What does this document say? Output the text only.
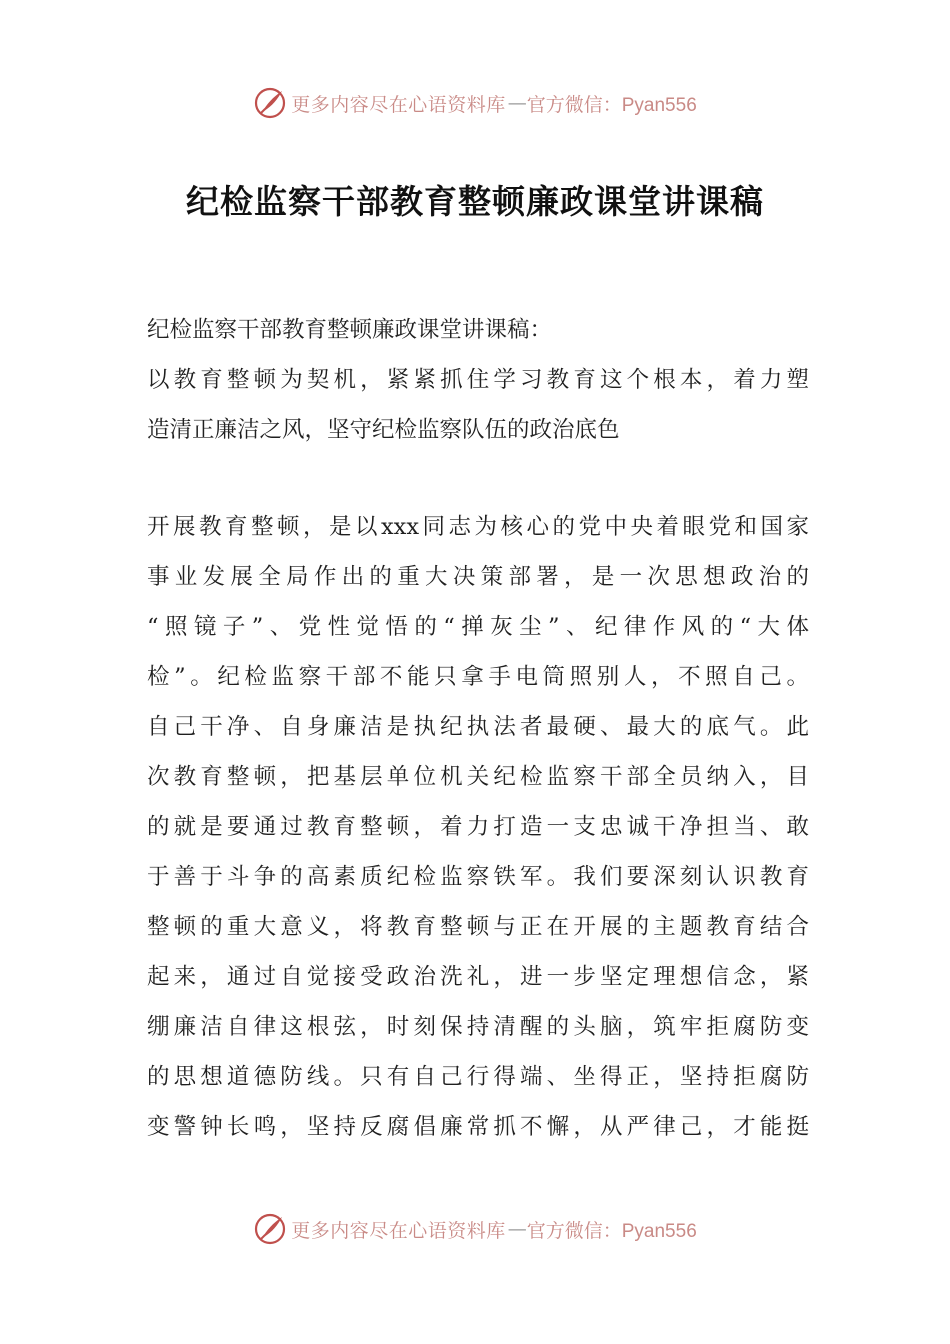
更多内容尽在心语资料库 — 官方微信：Pyan556
纪检监察干部教育整顿廉政课堂讲课稿
纪检监察干部教育整顿廉政课堂讲课稿：
以教育整顿为契机，紧紧抓住学习教育这个根本，着力塑
造清正廉洁之风，坚守纪检监察队伍的政治底色
开展教育整顿，是以xxx同志为核心的党中央着眼党和国家
事业发展全局作出的重大决策部署，是一次思想政治的
“照镜子”、党性觉悟的“掸灰尘”、纪律作风的“大体
检”。纪检监察干部不能只拿手电筒照别人，不照自己。
自己干净、自身廉洁是执纪执法者最硬、最大的底气。此
次教育整顿，把基层单位机关纪检监察干部全员纳入，目
的就是要通过教育整顿，着力打造一支忠诚干净担当、敢
于善于斗争的高素质纪检监察铁军。我们要深刻认识教育
整顿的重大意义，将教育整顿与正在开展的主题教育结合
起来，通过自觉接受政治洗礼，进一步坚定理想信念，紧
绷廉洁自律这根弦，时刻保持清醒的头脑，筑牢拒腐防变
的思想道德防线。只有自己行得端、坐得正，坚持拒腐防
变警钟长鸣，坚持反腐倡廉常抓不懈，从严律己，才能挺
更多内容尽在心语资料库 — 官方微信：Pyan556
